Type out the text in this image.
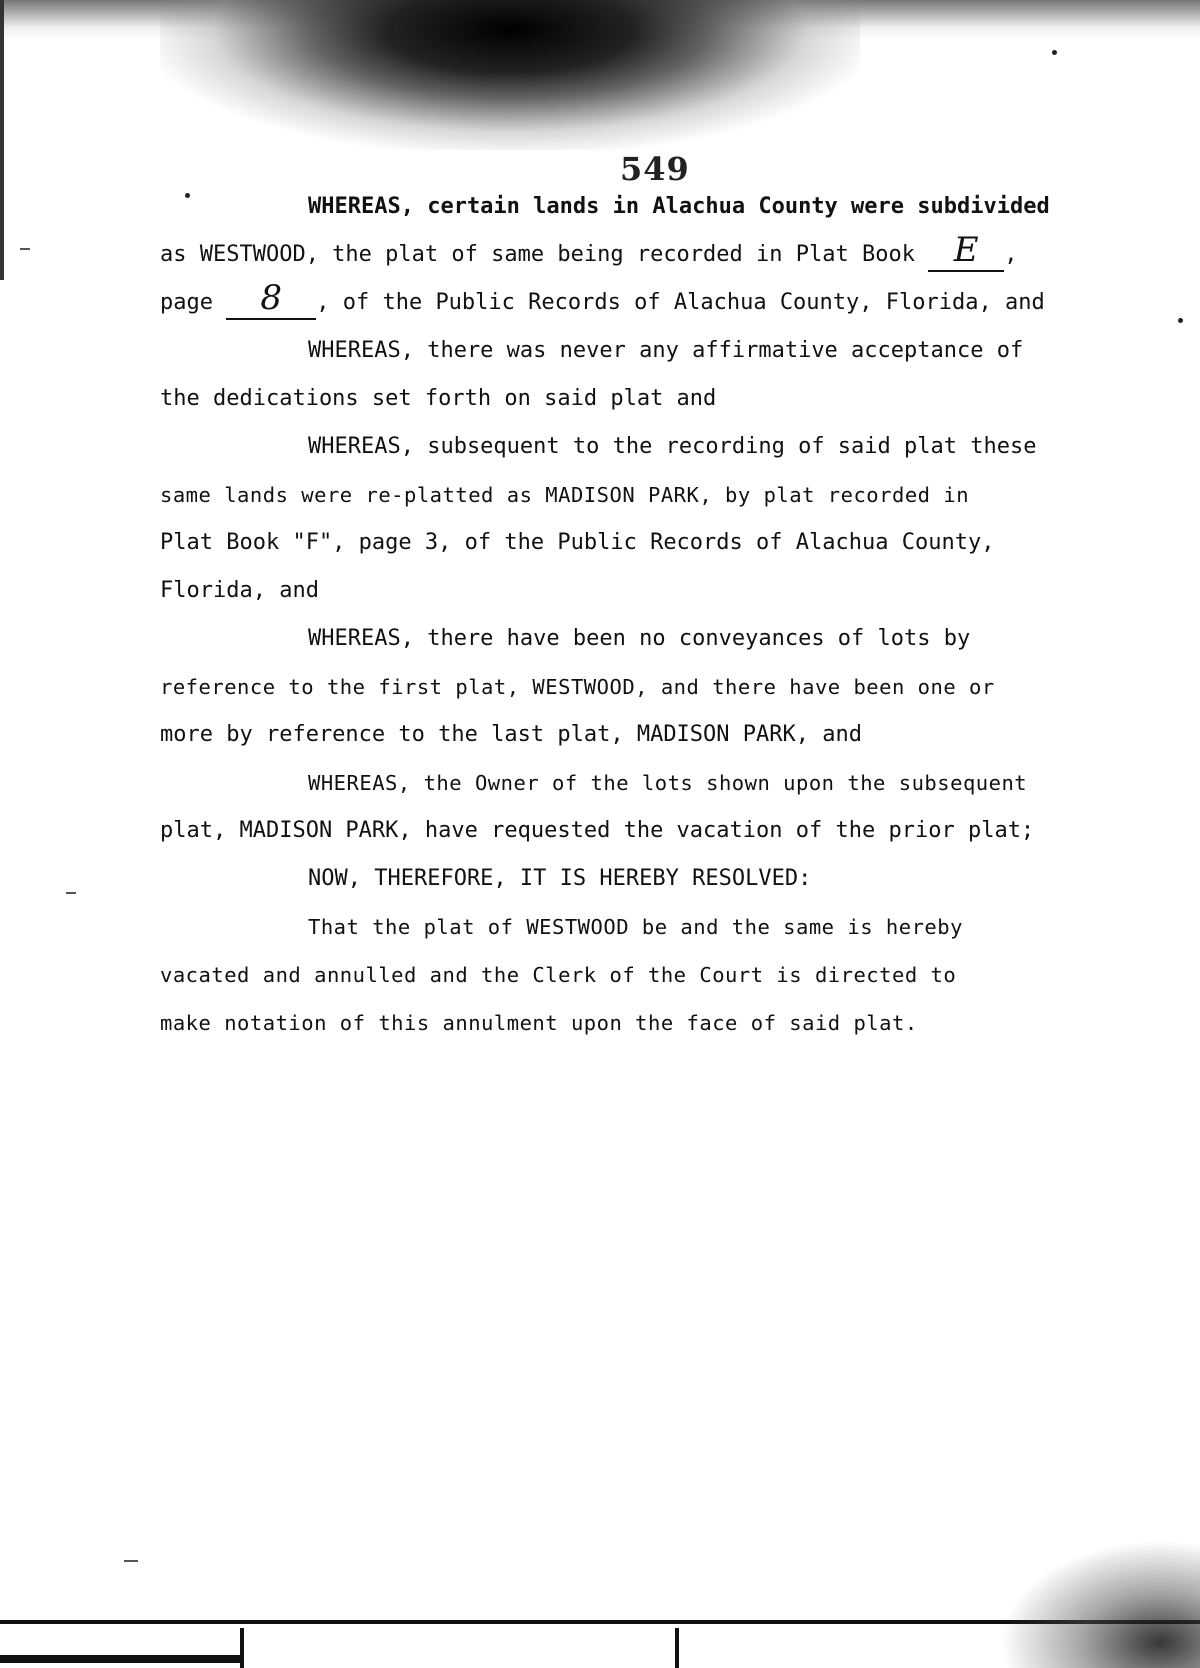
549
WHEREAS, certain lands in Alachua County were subdivided
as WESTWOOD, the plat of same being recorded in Plat Book E ,
page 8 , of the Public Records of Alachua County, Florida, and
WHEREAS, there was never any affirmative acceptance of
the dedications set forth on said plat and
WHEREAS, subsequent to the recording of said plat these
same lands were re-platted as MADISON PARK, by plat recorded in
Plat Book "F", page 3, of the Public Records of Alachua County,
Florida, and
WHEREAS, there have been no conveyances of lots by
reference to the first plat, WESTWOOD, and there have been one or
more by reference to the last plat, MADISON PARK, and
WHEREAS, the Owner of the lots shown upon the subsequent
plat, MADISON PARK, have requested the vacation of the prior plat;
NOW, THEREFORE, IT IS HEREBY RESOLVED:
That the plat of WESTWOOD be and the same is hereby
vacated and annulled and the Clerk of the Court is directed to
make notation of this annulment upon the face of said plat.
